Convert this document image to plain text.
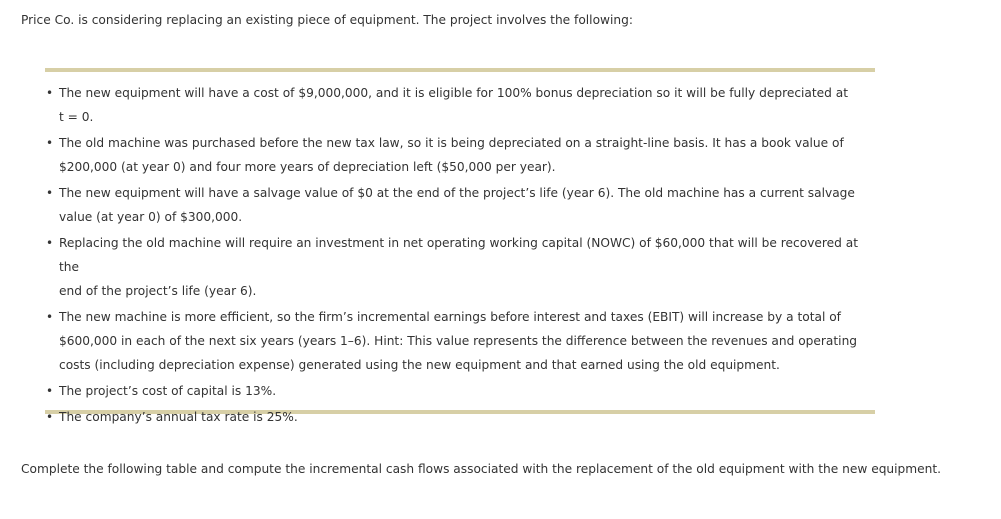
Price Co. is considering replacing an existing piece of equipment. The project involves the following:

• The new equipment will have a cost of $9,000,000, and it is eligible for 100% bonus depreciation so it will be fully depreciated at
t = 0.
• The old machine was purchased before the new tax law, so it is being depreciated on a straight-line basis. It has a book value of
$200,000 (at year 0) and four more years of depreciation left ($50,000 per year).
• The new equipment will have a salvage value of $0 at the end of the project’s life (year 6). The old machine has a current salvage
value (at year 0) of $300,000.
• Replacing the old machine will require an investment in net operating working capital (NOWC) of $60,000 that will be recovered at the
end of the project’s life (year 6).
• The new machine is more efficient, so the firm’s incremental earnings before interest and taxes (EBIT) will increase by a total of
$600,000 in each of the next six years (years 1–6). Hint: This value represents the difference between the revenues and operating
costs (including depreciation expense) generated using the new equipment and that earned using the old equipment.
• The project’s cost of capital is 13%.
• The company’s annual tax rate is 25%.

Complete the following table and compute the incremental cash flows associated with the replacement of the old equipment with the new equipment.
